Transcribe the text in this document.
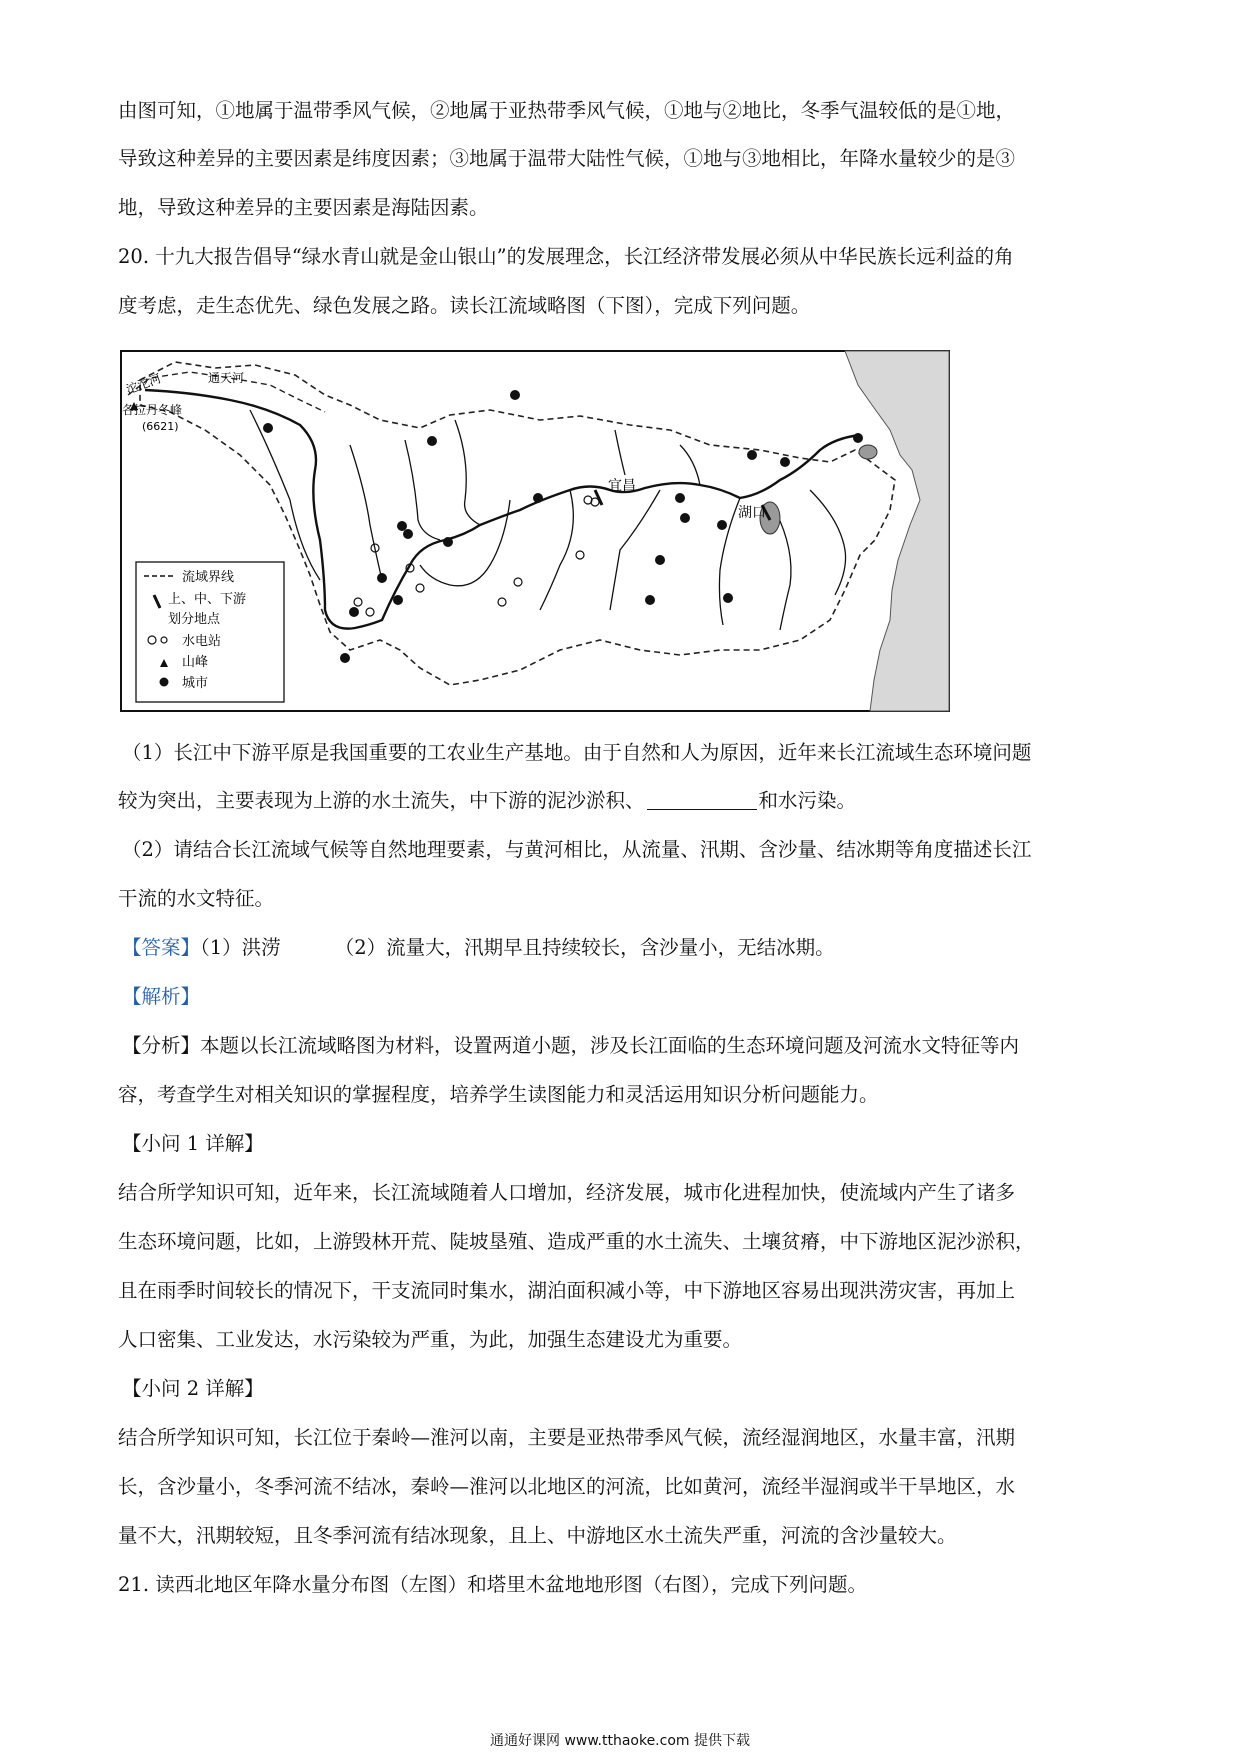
由图可知，①地属于温带季风气候，②地属于亚热带季风气候，①地与②地比，冬季气温较低的是①地，
导致这种差异的主要因素是纬度因素；③地属于温带大陆性气候，①地与③地相比，年降水量较少的是③
地，导致这种差异的主要因素是海陆因素。
20. 十九大报告倡导“绿水青山就是金山银山”的发展理念，长江经济带发展必须从中华民族长远利益的角
度考虑，走生态优先、绿色发展之路。读长江流域略图（下图），完成下列问题。
沱沱河	通天河
各拉丹冬峰
(6621)
宜昌
湖口
流域界线
上、中、下游
划分地点
水电站
山峰
城市
（1）长江中下游平原是我国重要的工农业生产基地。由于自然和人为原因，近年来长江流域生态环境问题
较为突出，主要表现为上游的水土流失，中下游的泥沙淤积、	和水污染。
（2）请结合长江流域气候等自然地理要素，与黄河相比，从流量、汛期、含沙量、结冰期等角度描述长江
干流的水文特征。
【答案】（1）洪涝	（2）流量大，汛期早且持续较长，含沙量小，无结冰期。
【解析】
【分析】本题以长江流域略图为材料，设置两道小题，涉及长江面临的生态环境问题及河流水文特征等内
容，考查学生对相关知识的掌握程度，培养学生读图能力和灵活运用知识分析问题能力。
【小问 1 详解】
结合所学知识可知，近年来，长江流域随着人口增加，经济发展，城市化进程加快，使流域内产生了诸多
生态环境问题，比如，上游毁林开荒、陡坡垦殖、造成严重的水土流失、土壤贫瘠，中下游地区泥沙淤积，
且在雨季时间较长的情况下，干支流同时集水，湖泊面积减小等，中下游地区容易出现洪涝灾害，再加上
人口密集、工业发达，水污染较为严重，为此，加强生态建设尤为重要。
【小问 2 详解】
结合所学知识可知，长江位于秦岭—淮河以南，主要是亚热带季风气候，流经湿润地区，水量丰富，汛期
长，含沙量小，冬季河流不结冰，秦岭—淮河以北地区的河流，比如黄河，流经半湿润或半干旱地区，水
量不大，汛期较短，且冬季河流有结冰现象，且上、中游地区水土流失严重，河流的含沙量较大。
21. 读西北地区年降水量分布图（左图）和塔里木盆地地形图（右图），完成下列问题。
通通好课网 www.tthaoke.com 提供下载
